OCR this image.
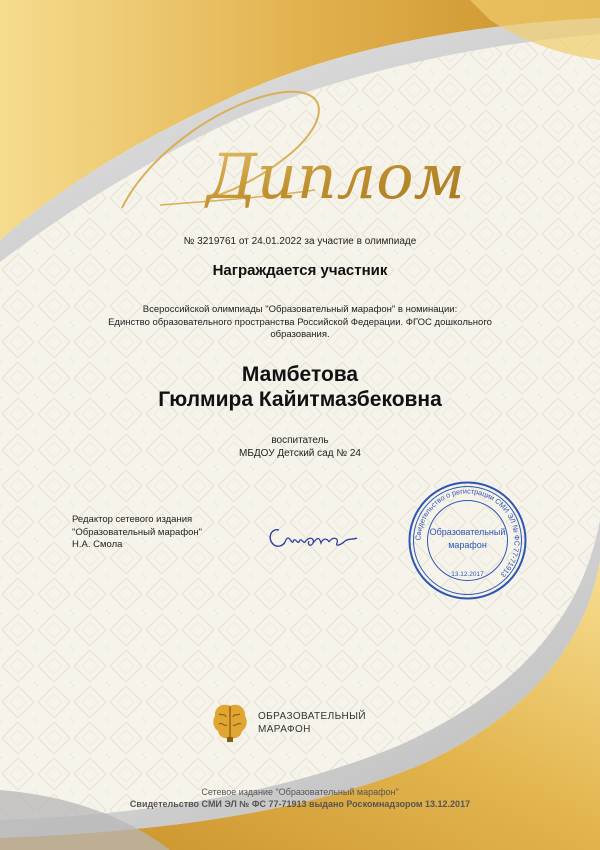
Диплом
№ 3219761 от 24.01.2022 за участие в олимпиаде
Награждается участник
Всероссийской олимпиады "Образовательный марафон" в номинации:
Единство образовательного пространства Российской Федерации. ФГОС дошкольного
образования.
Мамбетова
Гюлмира Кайитмазбековна
воспитатель
МБДОУ Детский сад № 24
Редактор сетевого издания
"Образовательный марафон"
Н.А. Смола
Свидетельство о регистрации СМИ ЭЛ № ФС 77-71913
Образовательный
марафон
13.12.2017
ОБРАЗОВАТЕЛЬНЫЙ
МАРАФОН
Сетевое издание "Образовательный марафон"
Свидетельство СМИ ЭЛ № ФС 77-71913 выдано Роскомнадзором 13.12.2017
